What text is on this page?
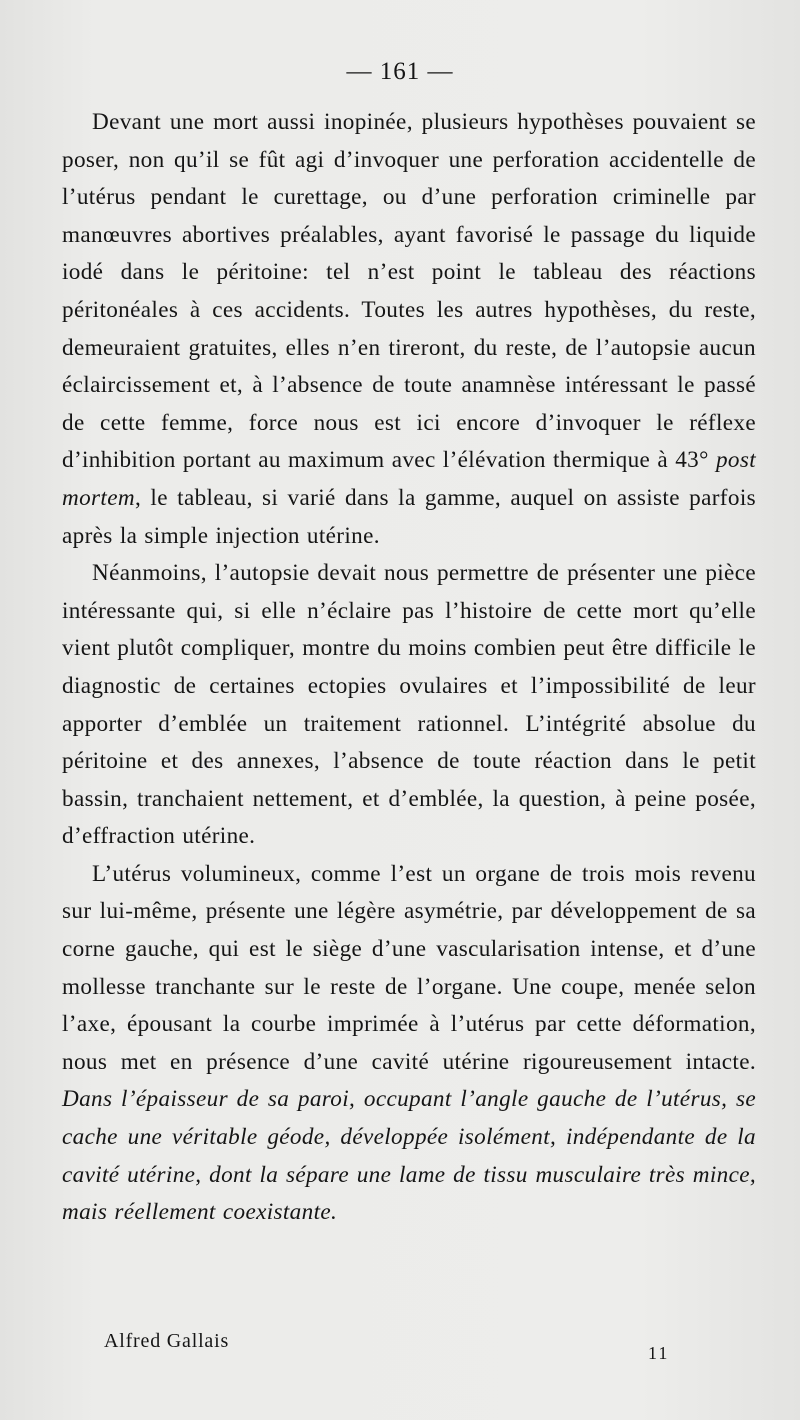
— 161 —

Devant une mort aussi inopinée, plusieurs hypothèses pouvaient se poser, non qu’il se fût agi d’invoquer une perforation accidentelle de l’utérus pendant le curettage, ou d’une perforation criminelle par manœuvres abortives préalables, ayant favorisé le passage du liquide iodé dans le péritoine: tel n’est point le tableau des réactions péritonéales à ces accidents. Toutes les autres hypothèses, du reste, demeuraient gratuites, elles n’en tireront, du reste, de l’autopsie aucun éclaircissement et, à l’absence de toute anamnèse intéressant le passé de cette femme, force nous est ici encore d’invoquer le réflexe d’inhibition portant au maximum avec l’élévation thermique à 43° post mortem, le tableau, si varié dans la gamme, auquel on assiste parfois après la simple injection utérine.

Néanmoins, l’autopsie devait nous permettre de présenter une pièce intéressante qui, si elle n’éclaire pas l’histoire de cette mort qu’elle vient plutôt compliquer, montre du moins combien peut être difficile le diagnostic de certaines ectopies ovulaires et l’impossibilité de leur apporter d’emblée un traitement rationnel. L’intégrité absolue du péritoine et des annexes, l’absence de toute réaction dans le petit bassin, tranchaient nettement, et d’emblée, la question, à peine posée, d’effraction utérine.

L’utérus volumineux, comme l’est un organe de trois mois revenu sur lui-même, présente une légère asymétrie, par développement de sa corne gauche, qui est le siège d’une vascularisation intense, et d’une mollesse tranchante sur le reste de l’organe. Une coupe, menée selon l’axe, épousant la courbe imprimée à l’utérus par cette déformation, nous met en présence d’une cavité utérine rigoureusement intacte. Dans l’épaisseur de sa paroi, occupant l’angle gauche de l’utérus, se cache une véritable géode, développée isolément, indépendante de la cavité utérine, dont la sépare une lame de tissu musculaire très mince, mais réellement coexistante.

Alfred Gallais
11
